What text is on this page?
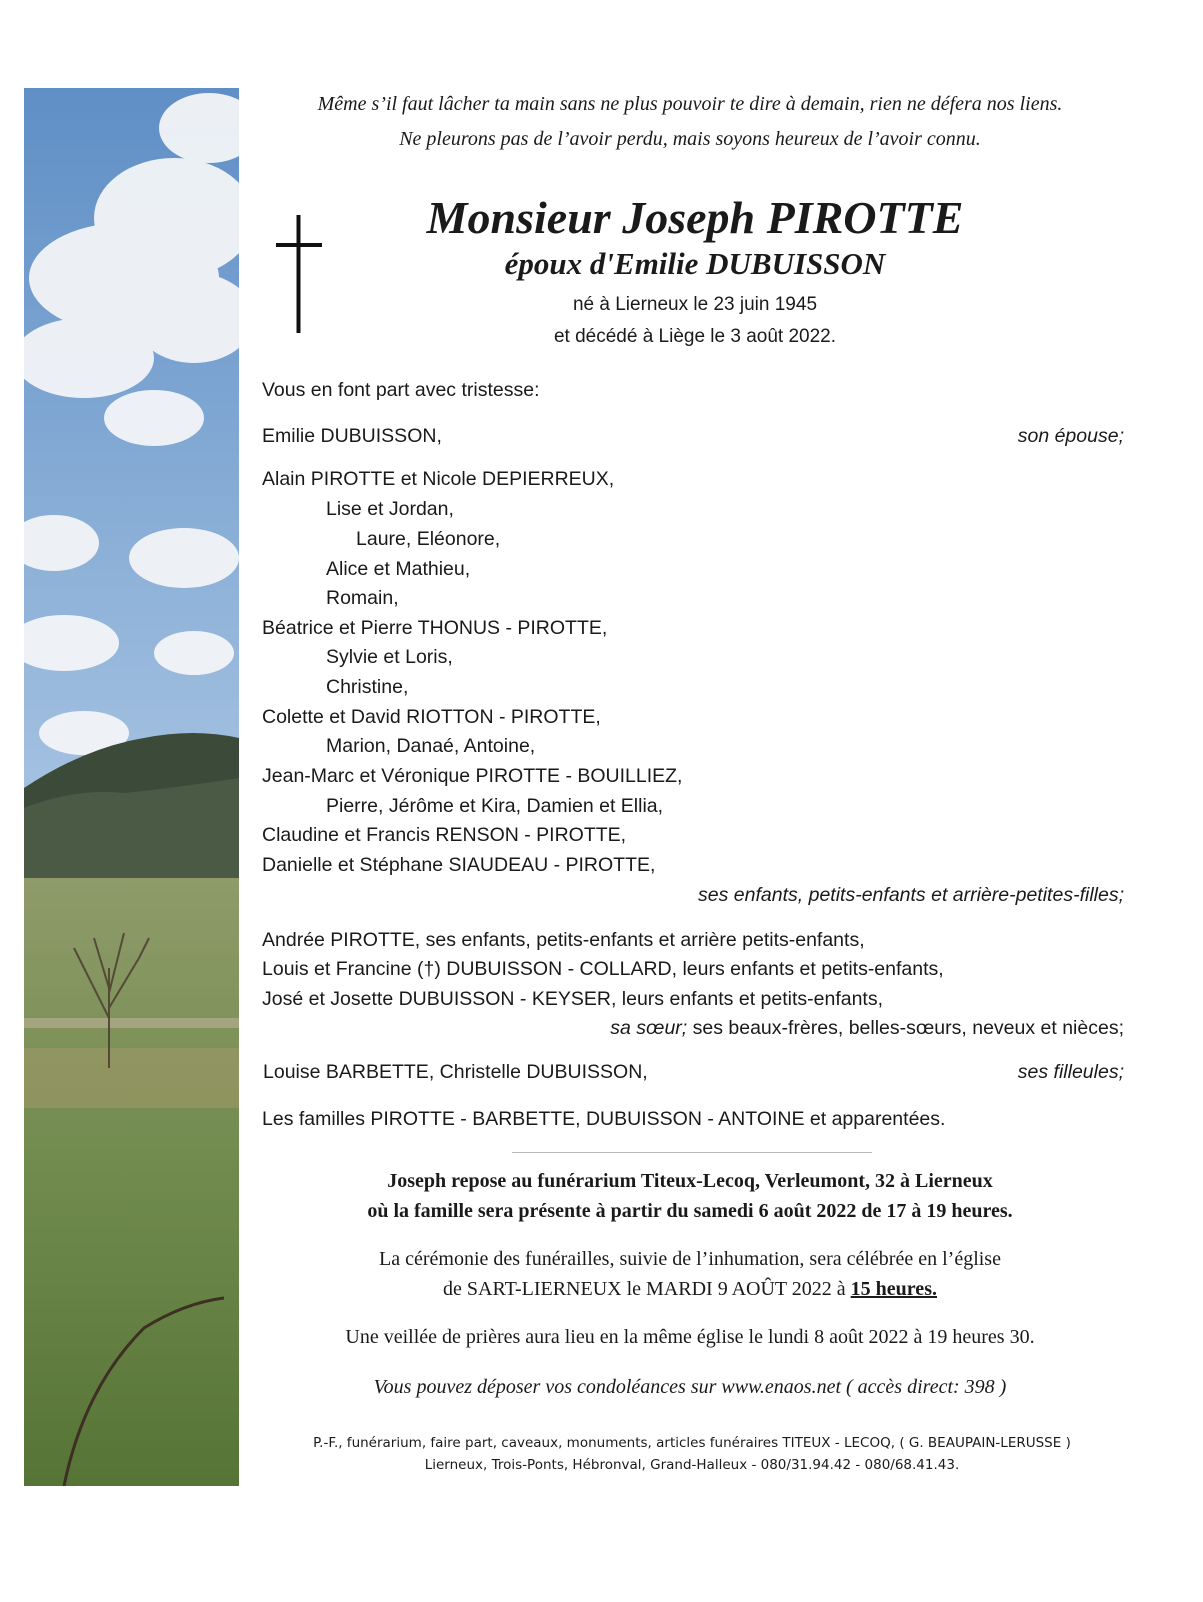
Même s’il faut lâcher ta main sans ne plus pouvoir te dire à demain, rien ne défera nos liens.
Ne pleurons pas de l’avoir perdu, mais soyons heureux de l’avoir connu.
Monsieur Joseph PIROTTE
époux d'Emilie DUBUISSON
né à Lierneux le 23 juin 1945
et décédé à Liège le 3 août 2022.
Vous en font part avec tristesse:
Emilie DUBUISSON,	son épouse;
Alain PIROTTE et Nicole DEPIERREUX,
Lise et Jordan,
Laure, Eléonore,
Alice et Mathieu,
Romain,
Béatrice et Pierre THONUS - PIROTTE,
Sylvie et Loris,
Christine,
Colette et David RIOTTON - PIROTTE,
Marion, Danaé, Antoine,
Jean-Marc et Véronique PIROTTE - BOUILLIEZ,
Pierre, Jérôme et Kira, Damien et Ellia,
Claudine et Francis RENSON - PIROTTE,
Danielle et Stéphane SIAUDEAU - PIROTTE,
ses enfants, petits-enfants et arrière-petites-filles;
Andrée PIROTTE, ses enfants, petits-enfants et arrière petits-enfants,
Louis et Francine (†) DUBUISSON - COLLARD, leurs enfants et petits-enfants,
José et Josette DUBUISSON - KEYSER, leurs enfants et petits-enfants,
sa sœur; ses beaux-frères, belles-sœurs, neveux et nièces;
Louise BARBETTE, Christelle DUBUISSON,	ses filleules;
Les familles PIROTTE - BARBETTE, DUBUISSON - ANTOINE et apparentées.
Joseph repose au funérarium Titeux-Lecoq, Verleumont, 32 à Lierneux
où la famille sera présente à partir du samedi 6 août 2022 de 17 à 19 heures.
La cérémonie des funérailles, suivie de l’inhumation, sera célébrée en l’église
de SART-LIERNEUX le MARDI 9 AOÛT 2022 à 15 heures.
Une veillée de prières aura lieu en la même église le lundi 8 août 2022 à 19 heures 30.
Vous pouvez déposer vos condoléances sur www.enaos.net ( accès direct: 398 )
P.-F., funérarium, faire part, caveaux, monuments, articles funéraires TITEUX - LECOQ, ( G. BEAUPAIN-LERUSSE )
Lierneux, Trois-Ponts, Hébronval, Grand-Halleux - 080/31.94.42 - 080/68.41.43.
